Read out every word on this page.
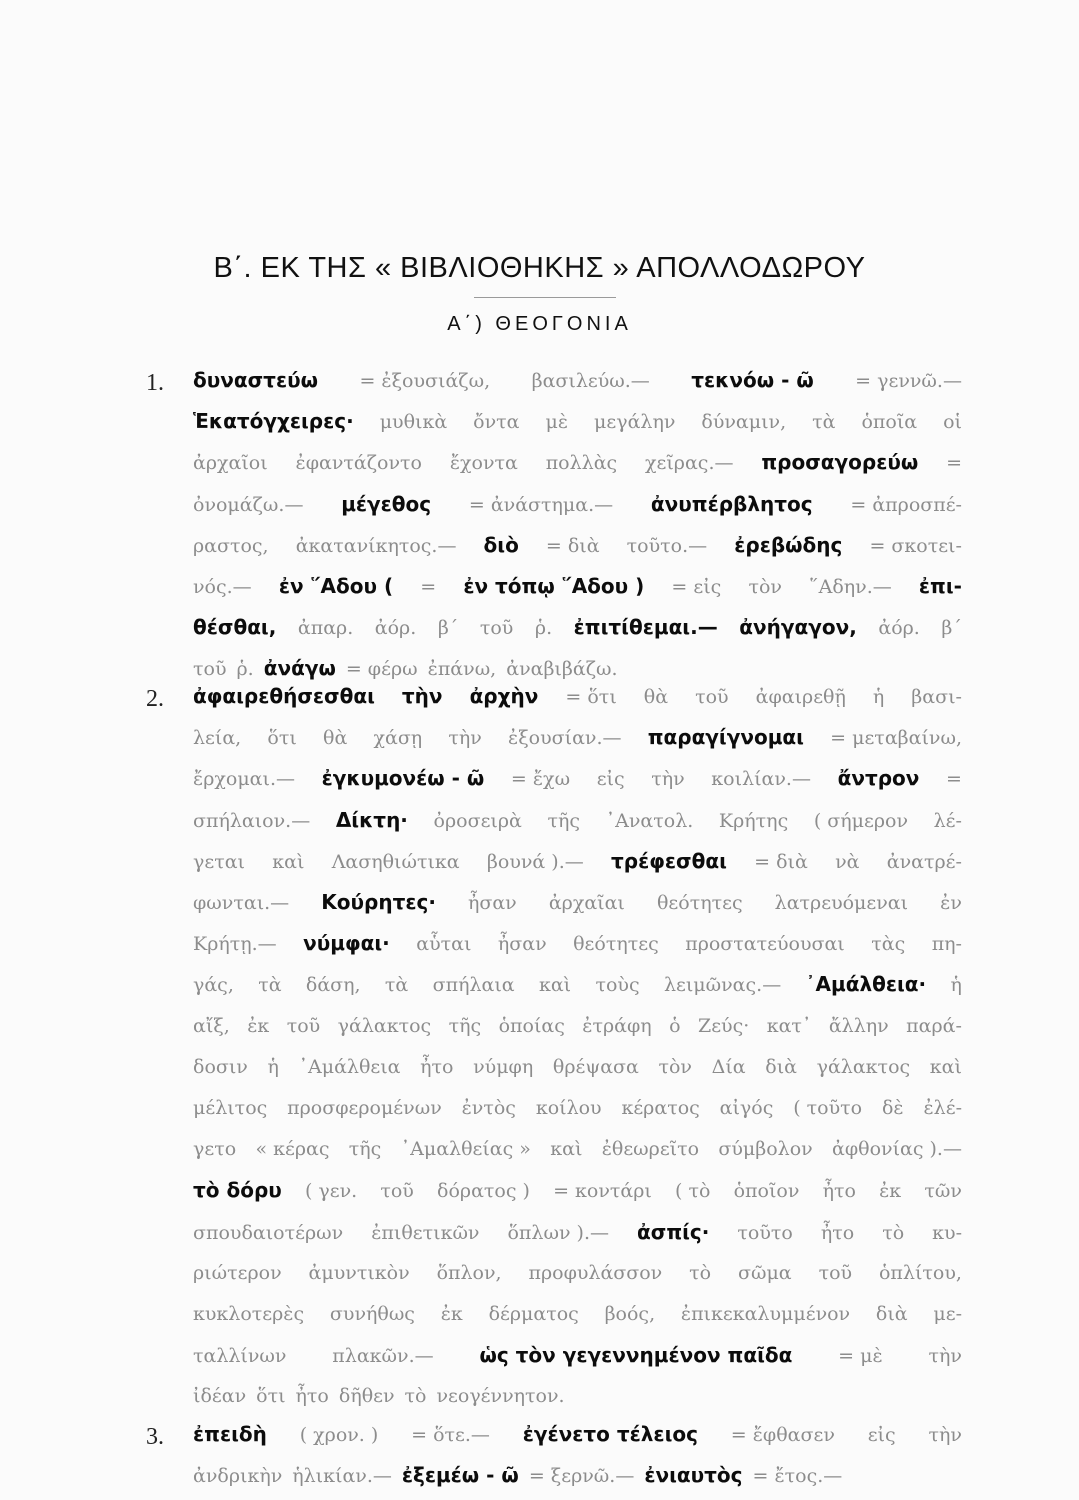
Β΄. ΕΚ ΤΗΣ « ΒΙΒΛΙΟΘΗΚΗΣ » ΑΠΟΛΛΟΔΩΡΟΥ
Α΄) ΘΕΟΓΟΝΙΑ
1. δυναστεύω = ἐξουσιάζω, βασιλεύω.— τεκνόω - ῶ = γεννῶ.—
Ἑκατόγχειρες· μυθικὰ ὄντα μὲ μεγάλην δύναμιν, τὰ ὁποῖα οἱ
ἀρχαῖοι ἐφαντάζοντο ἔχοντα πολλὰς χεῖρας.— προσαγορεύω =
ὀνομάζω.— μέγεθος = ἀνάστημα.— ἀνυπέρβλητος = ἀπροσπέ-
ραστος, ἀκατανίκητος.— διὸ = διὰ τοῦτο.— ἐρεβώδης = σκοτει-
νός.— ἐν ῞Αδου ( = ἐν τόπῳ ῞Αδου ) = εἰς τὸν ῞Αδην.— ἐπι-
θέσθαι, ἀπαρ. ἀόρ. β΄ τοῦ ῥ. ἐπιτίθεμαι.— ἀνήγαγον, ἀόρ. β΄
τοῦ ῥ. ἀνάγω = φέρω ἐπάνω, ἀναβιβάζω.
2. ἀφαιρεθήσεσθαι τὴν ἀρχὴν = ὅτι θὰ τοῦ ἀφαιρεθῇ ἡ βασι-
λεία, ὅτι θὰ χάσῃ τὴν ἐξουσίαν.— παραγίγνομαι = μεταβαίνω,
ἔρχομαι.— ἐγκυμονέω - ῶ = ἔχω εἰς τὴν κοιλίαν.— ἄντρον =
σπήλαιον.— Δίκτη· ὀροσειρὰ τῆς ᾿Ανατολ. Κρήτης ( σήμερον λέ-
γεται καὶ Λασηθιώτικα βουνά ).— τρέφεσθαι = διὰ νὰ ἀνατρέ-
φωνται.— Κούρητες· ἦσαν ἀρχαῖαι θεότητες λατρευόμεναι ἐν
Κρήτῃ.— νύμφαι· αὗται ἦσαν θεότητες προστατεύουσαι τὰς πη-
γάς, τὰ δάση, τὰ σπήλαια καὶ τοὺς λειμῶνας.— ᾿Αμάλθεια· ἡ
αἴξ, ἐκ τοῦ γάλακτος τῆς ὁποίας ἐτράφη ὁ Ζεύς· κατ᾿ ἄλλην παρά-
δοσιν ἡ ᾿Αμάλθεια ἦτο νύμφη θρέψασα τὸν Δία διὰ γάλακτος καὶ
μέλιτος προσφερομένων ἐντὸς κοίλου κέρατος αἰγός ( τοῦτο δὲ ἐλέ-
γετο « κέρας τῆς ᾿Αμαλθείας » καὶ ἐθεωρεῖτο σύμβολον ἀφθονίας ).—
τὸ δόρυ ( γεν. τοῦ δόρατος ) = κοντάρι ( τὸ ὁποῖον ἦτο ἐκ τῶν
σπουδαιοτέρων ἐπιθετικῶν ὅπλων ).— ἀσπίς· τοῦτο ἦτο τὸ κυ-
ριώτερον ἀμυντικὸν ὅπλον, προφυλάσσον τὸ σῶμα τοῦ ὁπλίτου,
κυκλοτερὲς συνήθως ἐκ δέρματος βοός, ἐπικεκαλυμμένον διὰ με-
ταλλίνων πλακῶν.— ὡς τὸν γεγεννημένον παῖδα = μὲ τὴν
ἰδέαν ὅτι ἦτο δῆθεν τὸ νεογέννητον.
3. ἐπειδὴ ( χρον. ) = ὅτε.— ἐγένετο τέλειος = ἔφθασεν εἰς τὴν
ἀνδρικὴν ἡλικίαν.— ἐξεμέω - ῶ = ξερνῶ.— ἐνιαυτὸς = ἔτος.—
